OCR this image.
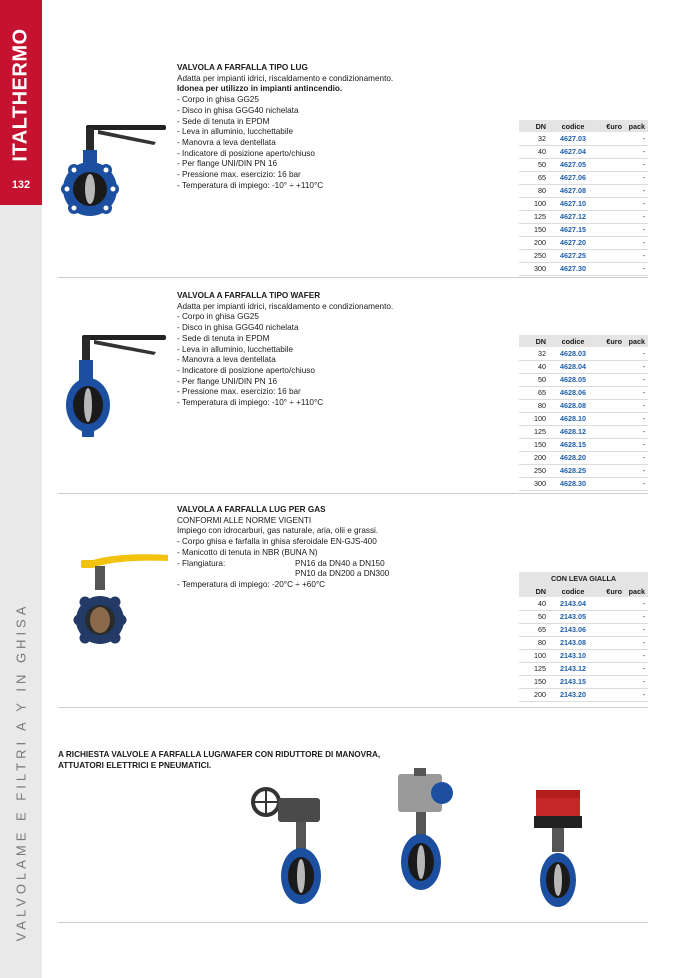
ITALTHERMO
132
VALVOLAME E FILTRI A Y IN GHISA
VALVOLA A FARFALLA TIPO LUG
Adatta per impianti idrici, riscaldamento e condizionamento.
Idonea per utilizzo in impianti antincendio.
- Corpo in ghisa GG25
- Disco in ghisa GGG40 nichelata
- Sede di tenuta in EPDM
- Leva in alluminio, lucchettabile
- Manovra a leva dentellata
- Indicatore di posizione aperto/chiuso
- Per flange UNI/DIN PN 16
- Pressione max. esercizio: 16 bar
- Temperatura di impiego: -10° ÷ +110°C
DN	codice	€uro	pack
32	4627.03		-
40	4627.04		-
50	4627.05		-
65	4627.06		-
80	4627.08		-
100	4627.10		-
125	4627.12		-
150	4627.15		-
200	4627.20		-
250	4627.25		-
300	4627.30		-
VALVOLA A FARFALLA TIPO WAFER
Adatta per impianti idrici, riscaldamento e condizionamento.
- Corpo in ghisa GG25
- Disco in ghisa GGG40 nichelata
- Sede di tenuta in EPDM
- Leva in alluminio, lucchettabile
- Manovra a leva dentellata
- Indicatore di posizione aperto/chiuso
- Per flange UNI/DIN PN 16
- Pressione max. esercizio: 16 bar
- Temperatura di impiego: -10° ÷ +110°C
DN	codice	€uro	pack
32	4628.03		-
40	4628.04		-
50	4628.05		-
65	4628.06		-
80	4628.08		-
100	4628.10		-
125	4628.12		-
150	4628.15		-
200	4628.20		-
250	4628.25		-
300	4628.30		-
VALVOLA A FARFALLA LUG PER GAS
CONFORMI ALLE NORME VIGENTI
Impiego con idrocarburi, gas naturale, aria, olii e grassi.
- Corpo ghisa e farfalla in ghisa sferoidale EN-GJS-400
- Manicotto di tenuta in NBR (BUNA N)
- Flangiatura:	PN16 da DN40 a DN150
PN10 da DN200 a DN300
- Temperatura di impiego: -20°C ÷ +60°C
CON LEVA GIALLA			
DN	codice	€uro	pack
40	2143.04		-
50	2143.05		-
65	2143.06		-
80	2143.08		-
100	2143.10		-
125	2143.12		-
150	2143.15		-
200	2143.20		-
A RICHIESTA VALVOLE A FARFALLA LUG/WAFER CON RIDUTTORE DI MANOVRA,
ATTUATORI ELETTRICI E PNEUMATICI.
